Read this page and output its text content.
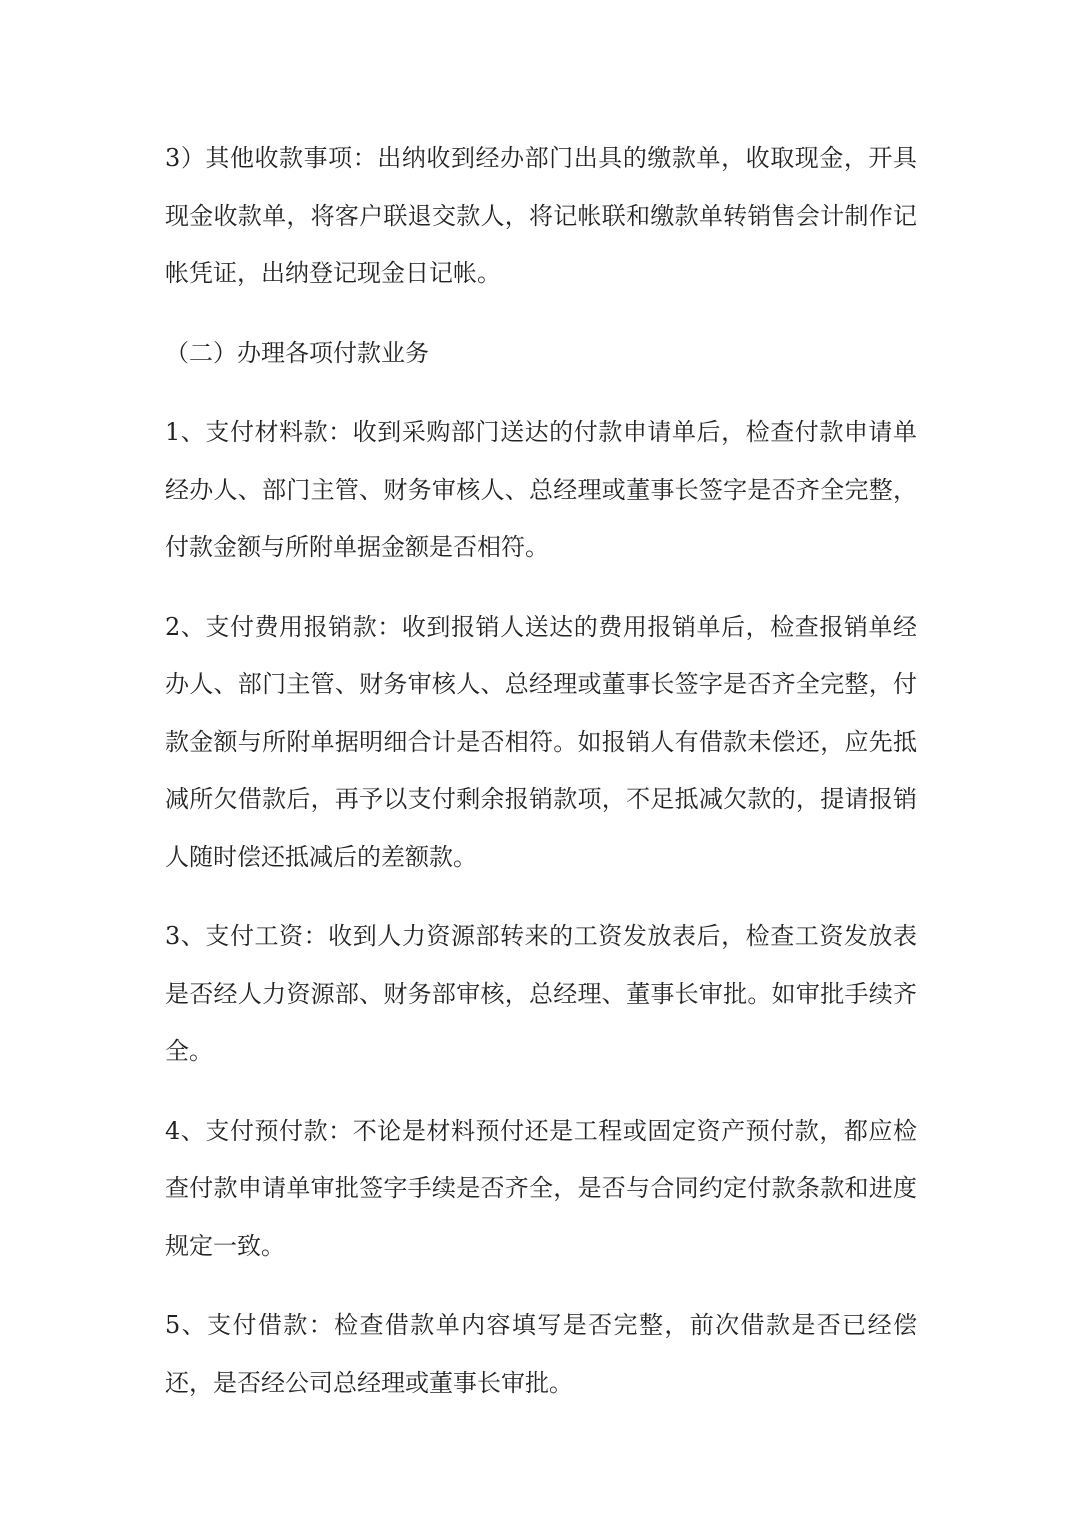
3）其他收款事项：出纳收到经办部门出具的缴款单，收取现金，开具现金收款单，将客户联退交款人，将记帐联和缴款单转销售会计制作记帐凭证，出纳登记现金日记帐。

（二）办理各项付款业务

1、支付材料款：收到采购部门送达的付款申请单后，检查付款申请单经办人、部门主管、财务审核人、总经理或董事长签字是否齐全完整，付款金额与所附单据金额是否相符。

2、支付费用报销款：收到报销人送达的费用报销单后，检查报销单经办人、部门主管、财务审核人、总经理或董事长签字是否齐全完整，付款金额与所附单据明细合计是否相符。如报销人有借款未偿还，应先抵减所欠借款后，再予以支付剩余报销款项，不足抵减欠款的，提请报销人随时偿还抵减后的差额款。

3、支付工资：收到人力资源部转来的工资发放表后，检查工资发放表是否经人力资源部、财务部审核，总经理、董事长审批。如审批手续齐全。

4、支付预付款：不论是材料预付还是工程或固定资产预付款，都应检查付款申请单审批签字手续是否齐全，是否与合同约定付款条款和进度规定一致。

5、支付借款：检查借款单内容填写是否完整，前次借款是否已经偿还，是否经公司总经理或董事长审批。
